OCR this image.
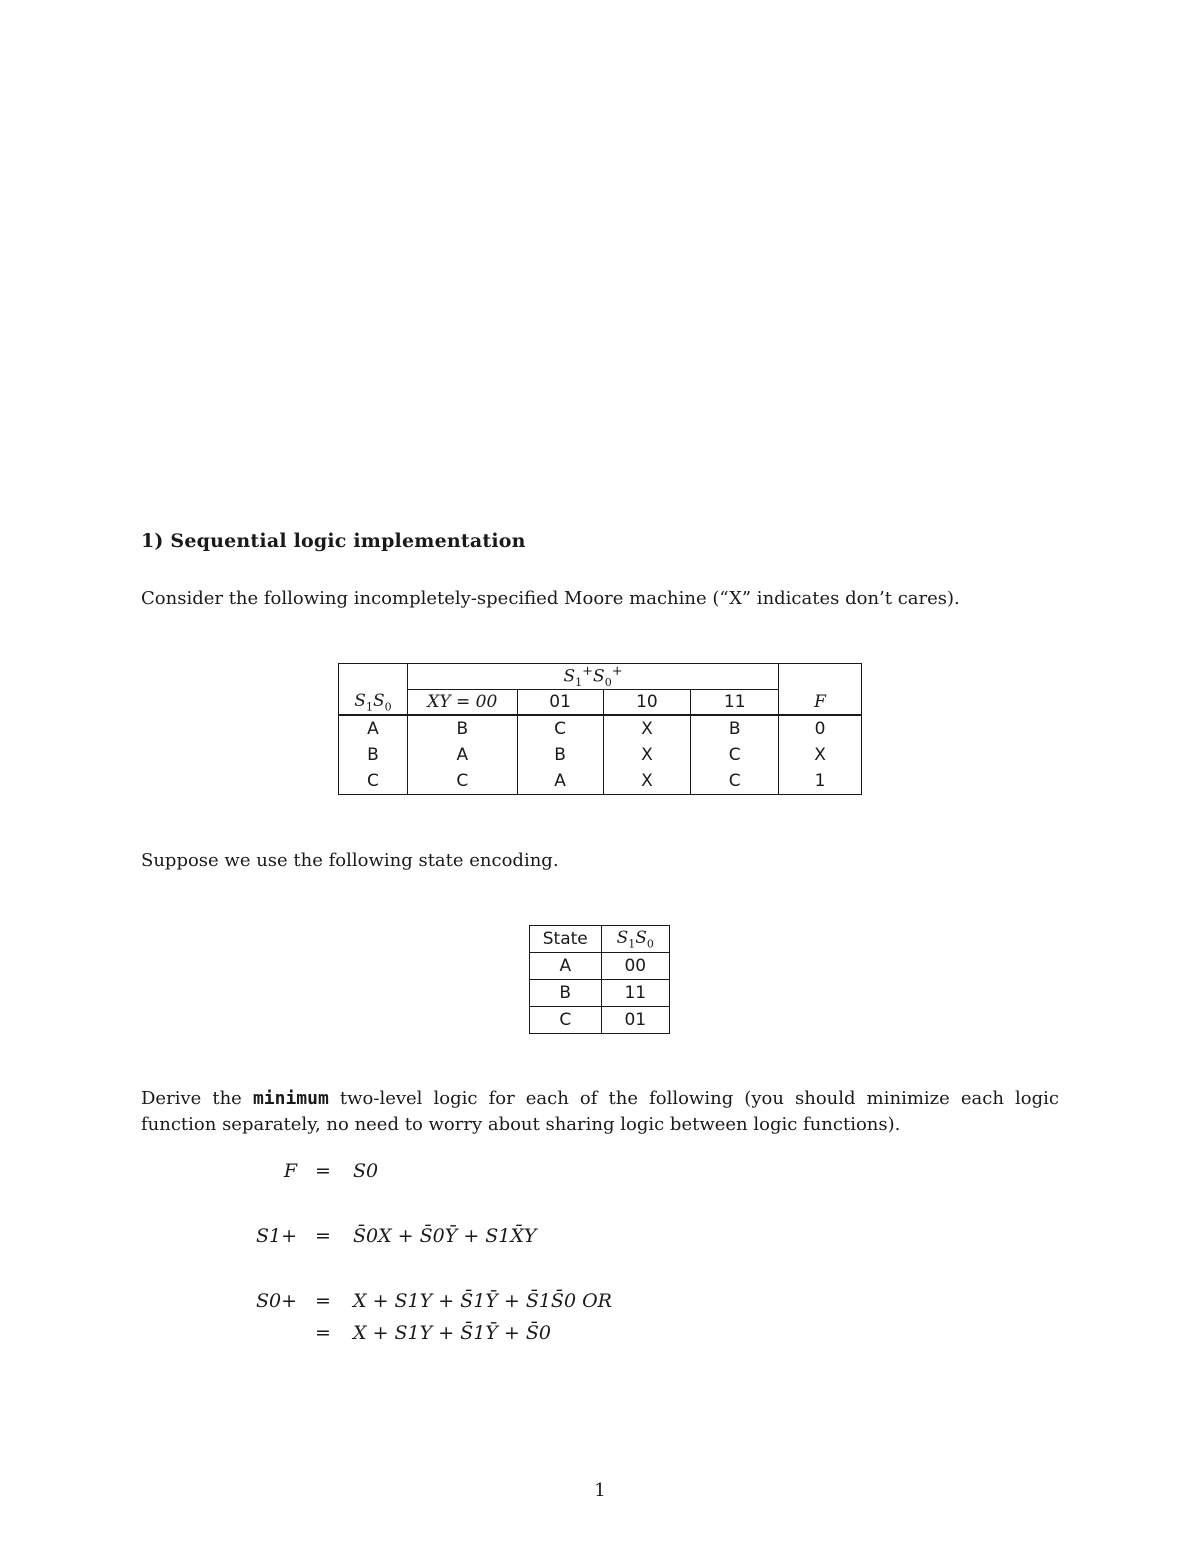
1) Sequential logic implementation
Consider the following incompletely-specified Moore machine (“X” indicates don’t cares).
	$S_1^+S_0^+$	
$S_1S_0$	XY = 00	01	10	11	F
A	B	C	X	B	0
B	A	B	X	C	X
C	C	A	X	C	1
Suppose we use the following state encoding.
State	$S_1S_0$
A	00
B	11
C	01
Derive the minimum two-level logic for each of the following (you should minimize each logic function separately, no need to worry about sharing logic between logic functions).
F =	S0
S1+ =	S̄0X + S̄0Ȳ + S1X̄Y
S0+ =	X + S1Y + S̄1Ȳ + S̄1S̄0 OR
=	X + S1Y + S̄1Ȳ + S̄0
1
